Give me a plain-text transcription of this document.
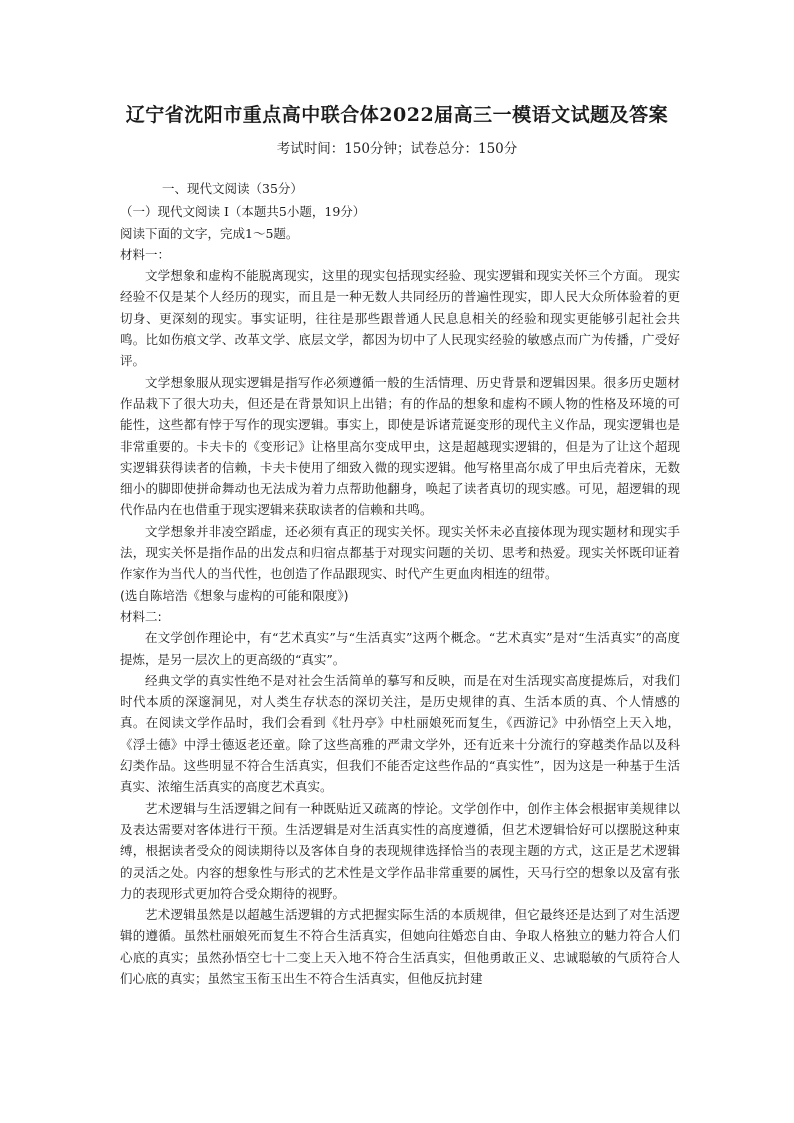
辽宁省沈阳市重点高中联合体2022届高三一模语文试题及答案
考试时间：150分钟；试卷总分：150分

一、现代文阅读（35分）

（一）现代文阅读 I（本题共5小题，19分）

阅读下面的文字，完成1～5题。

材料一：

文学想象和虚构不能脱离现实，这里的现实包括现实经验、现实逻辑和现实关怀三个方面。 现实经验不仅是某个人经历的现实，而且是一种无数人共同经历的普遍性现实，即人民大众所体验着的更切身、更深刻的现实。事实证明，往往是那些跟普通人民息息相关的经验和现实更能够引起社会共鸣。比如伤痕文学、改革文学、底层文学，都因为切中了人民现实经验的敏感点而广为传播，广受好评。

文学想象服从现实逻辑是指写作必须遵循一般的生活情理、历史背景和逻辑因果。很多历史题材作品栽下了很大功夫，但还是在背景知识上出错；有的作品的想象和虚构不顾人物的性格及环境的可能性，这些都有悖于写作的现实逻辑。事实上，即使是诉诸荒诞变形的现代主义作品，现实逻辑也是非常重要的。卡夫卡的《变形记》让格里高尔变成甲虫，这是超越现实逻辑的，但是为了让这个超现实逻辑获得读者的信赖，卡夫卡使用了细致入微的现实逻辑。他写格里高尔成了甲虫后壳着床，无数细小的脚即使拼命舞动也无法成为着力点帮助他翻身，唤起了读者真切的现实感。可见，超逻辑的现代作品内在也借重于现实逻辑来获取读者的信赖和共鸣。

文学想象并非凌空蹈虚，还必须有真正的现实关怀。现实关怀未必直接体现为现实题材和现实手法，现实关怀是指作品的出发点和归宿点都基于对现实问题的关切、思考和热爱。现实关怀既印证着作家作为当代人的当代性，也创造了作品跟现实、时代产生更血肉相连的纽带。

(选自陈培浩《想象与虚构的可能和限度》)

材料二:

在文学创作理论中，有“艺术真实”与“生活真实”这两个概念。“艺术真实”是对“生活真实”的高度提炼，是另一层次上的更高级的“真实”。

经典文学的真实性绝不是对社会生活简单的摹写和反映，而是在对生活现实高度提炼后，对我们时代本质的深邃洞见，对人类生存状态的深切关注，是历史规律的真、生活本质的真、个人情感的真。在阅读文学作品时，我们会看到《牡丹亭》中杜丽娘死而复生，《西游记》中孙悟空上天入地，《浮士德》中浮士德返老还童。除了这些高雅的严肃文学外，还有近来十分流行的穿越类作品以及科幻类作品。这些明显不符合生活真实，但我们不能否定这些作品的“真实性”，因为这是一种基于生活真实、浓缩生活真实的高度艺术真实。

艺术逻辑与生活逻辑之间有一种既贴近又疏离的悖论。文学创作中，创作主体会根据审美规律以及表达需要对客体进行干预。生活逻辑是对生活真实性的高度遵循，但艺术逻辑恰好可以摆脱这种束缚，根据读者受众的阅读期待以及客体自身的表现规律选择恰当的表现主题的方式，这正是艺术逻辑的灵活之处。内容的想象性与形式的艺术性是文学作品非常重要的属性，天马行空的想象以及富有张力的表现形式更加符合受众期待的视野。

艺术逻辑虽然是以超越生活逻辑的方式把握实际生活的本质规律，但它最终还是达到了对生活逻辑的遵循。虽然杜丽娘死而复生不符合生活真实，但她向往婚恋自由、争取人格独立的魅力符合人们心底的真实；虽然孙悟空七十二变上天入地不符合生活真实，但他勇敢正义、忠诚聪敏的气质符合人们心底的真实；虽然宝玉衔玉出生不符合生活真实，但他反抗封建
